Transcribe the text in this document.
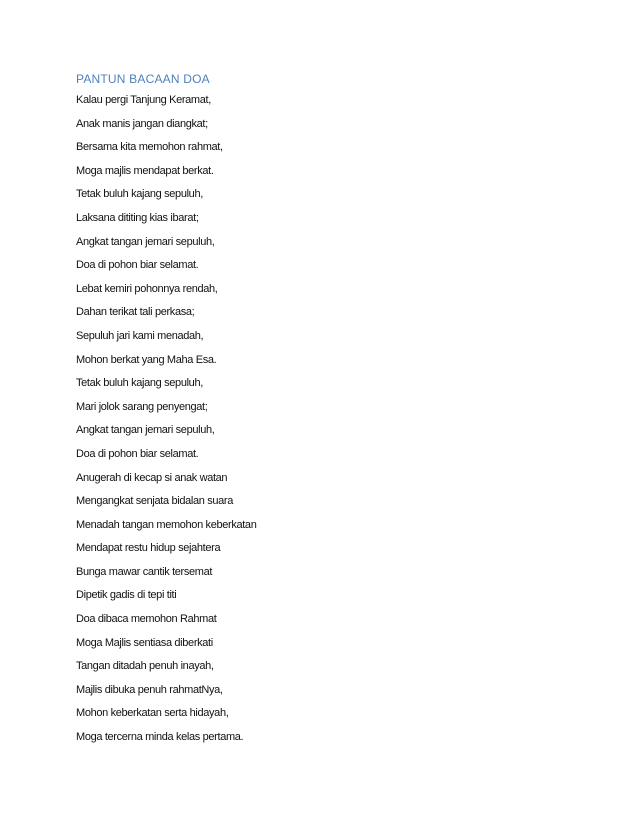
PANTUN BACAAN DOA
Kalau pergi Tanjung Keramat,
Anak manis jangan diangkat;
Bersama kita memohon rahmat,
Moga majlis mendapat berkat.
Tetak buluh kajang sepuluh,
Laksana dititing kias ibarat;
Angkat tangan jemari sepuluh,
Doa di pohon biar selamat.
Lebat kemiri pohonnya rendah,
Dahan terikat tali perkasa;
Sepuluh jari kami menadah,
Mohon berkat yang Maha Esa.
Tetak buluh kajang sepuluh,
Mari jolok sarang penyengat;
Angkat tangan jemari sepuluh,
Doa di pohon biar selamat.
Anugerah di kecap si anak watan
Mengangkat senjata bidalan suara
Menadah tangan memohon keberkatan
Mendapat restu hidup sejahtera
Bunga mawar cantik tersemat
Dipetik gadis di tepi titi
Doa dibaca memohon Rahmat
Moga Majlis sentiasa diberkati
Tangan ditadah penuh inayah,
Majlis dibuka penuh rahmatNya,
Mohon keberkatan serta hidayah,
Moga tercerna minda kelas pertama.
